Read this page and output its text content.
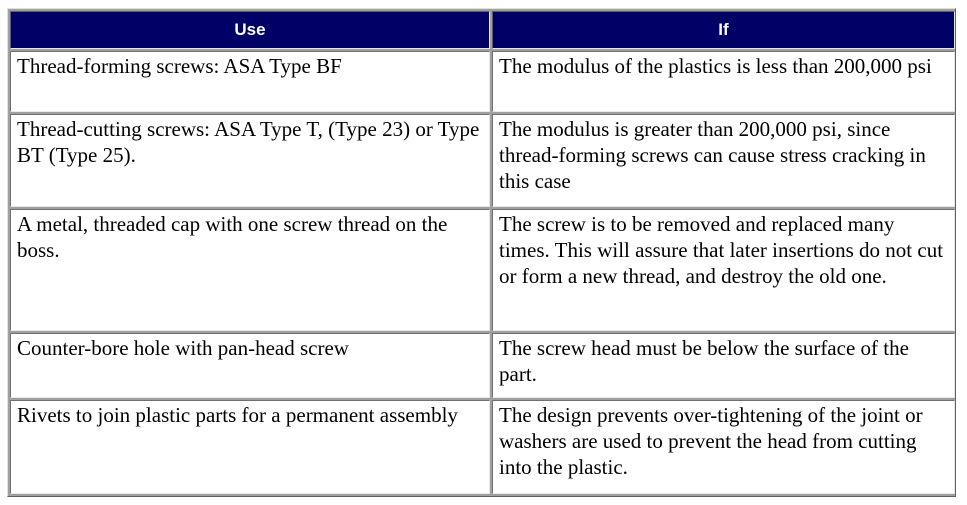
Use	If
Thread-forming screws: ASA Type BF	The modulus of the plastics is less than 200,000 psi
Thread-cutting screws: ASA Type T, (Type 23) or Type BT (Type 25).	The modulus is greater than 200,000 psi, since thread-forming screws can cause stress cracking in this case
A metal, threaded cap with one screw thread on the boss.	The screw is to be removed and replaced many times. This will assure that later insertions do not cut or form a new thread, and destroy the old one.
Counter-bore hole with pan-head screw	The screw head must be below the surface of the part.
Rivets to join plastic parts for a permanent assembly	The design prevents over-tightening of the joint or washers are used to prevent the head from cutting into the plastic.
